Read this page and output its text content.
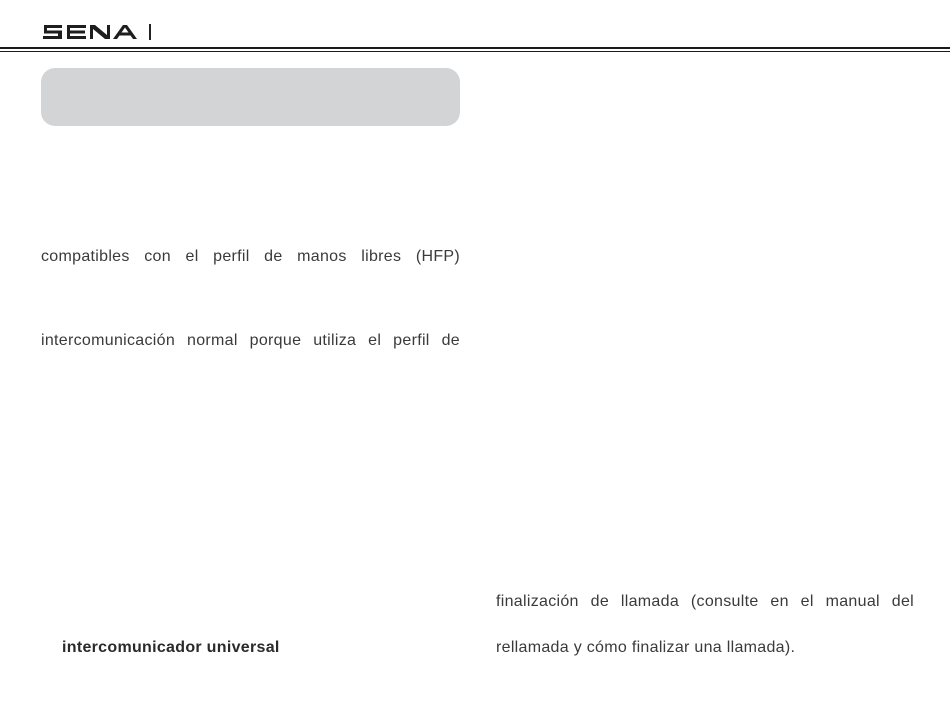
compatibles con el perfil de manos libres (HFP)
intercomunicación normal porque utiliza el perfil de
intercomunicador universal
finalización de llamada (consulte en el manual del
rellamada y cómo finalizar una llamada).
